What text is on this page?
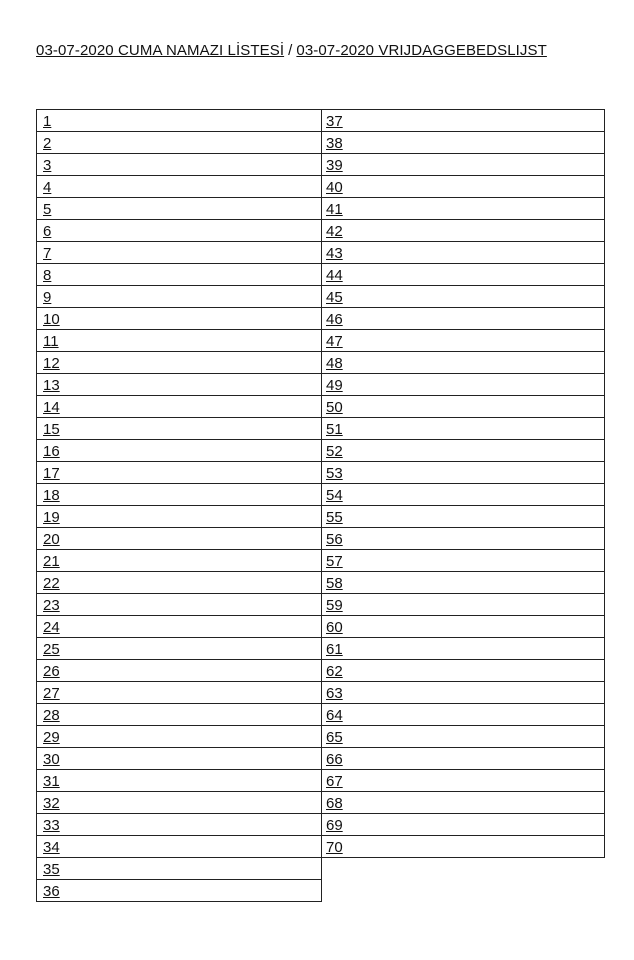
03-07-2020 CUMA NAMAZI LİSTESİ / 03-07-2020 VRIJDAGGEBEDSLIJST
1
2
3
4
5
6
7
8
9
10
11
12
13
14
15
16
17
18
19
20
21
22
23
24
25
26
27
28
29
30
31
32
33
34
35
36
37
38
39
40
41
42
43
44
45
46
47
48
49
50
51
52
53
54
55
56
57
58
59
60
61
62
63
64
65
66
67
68
69
70
